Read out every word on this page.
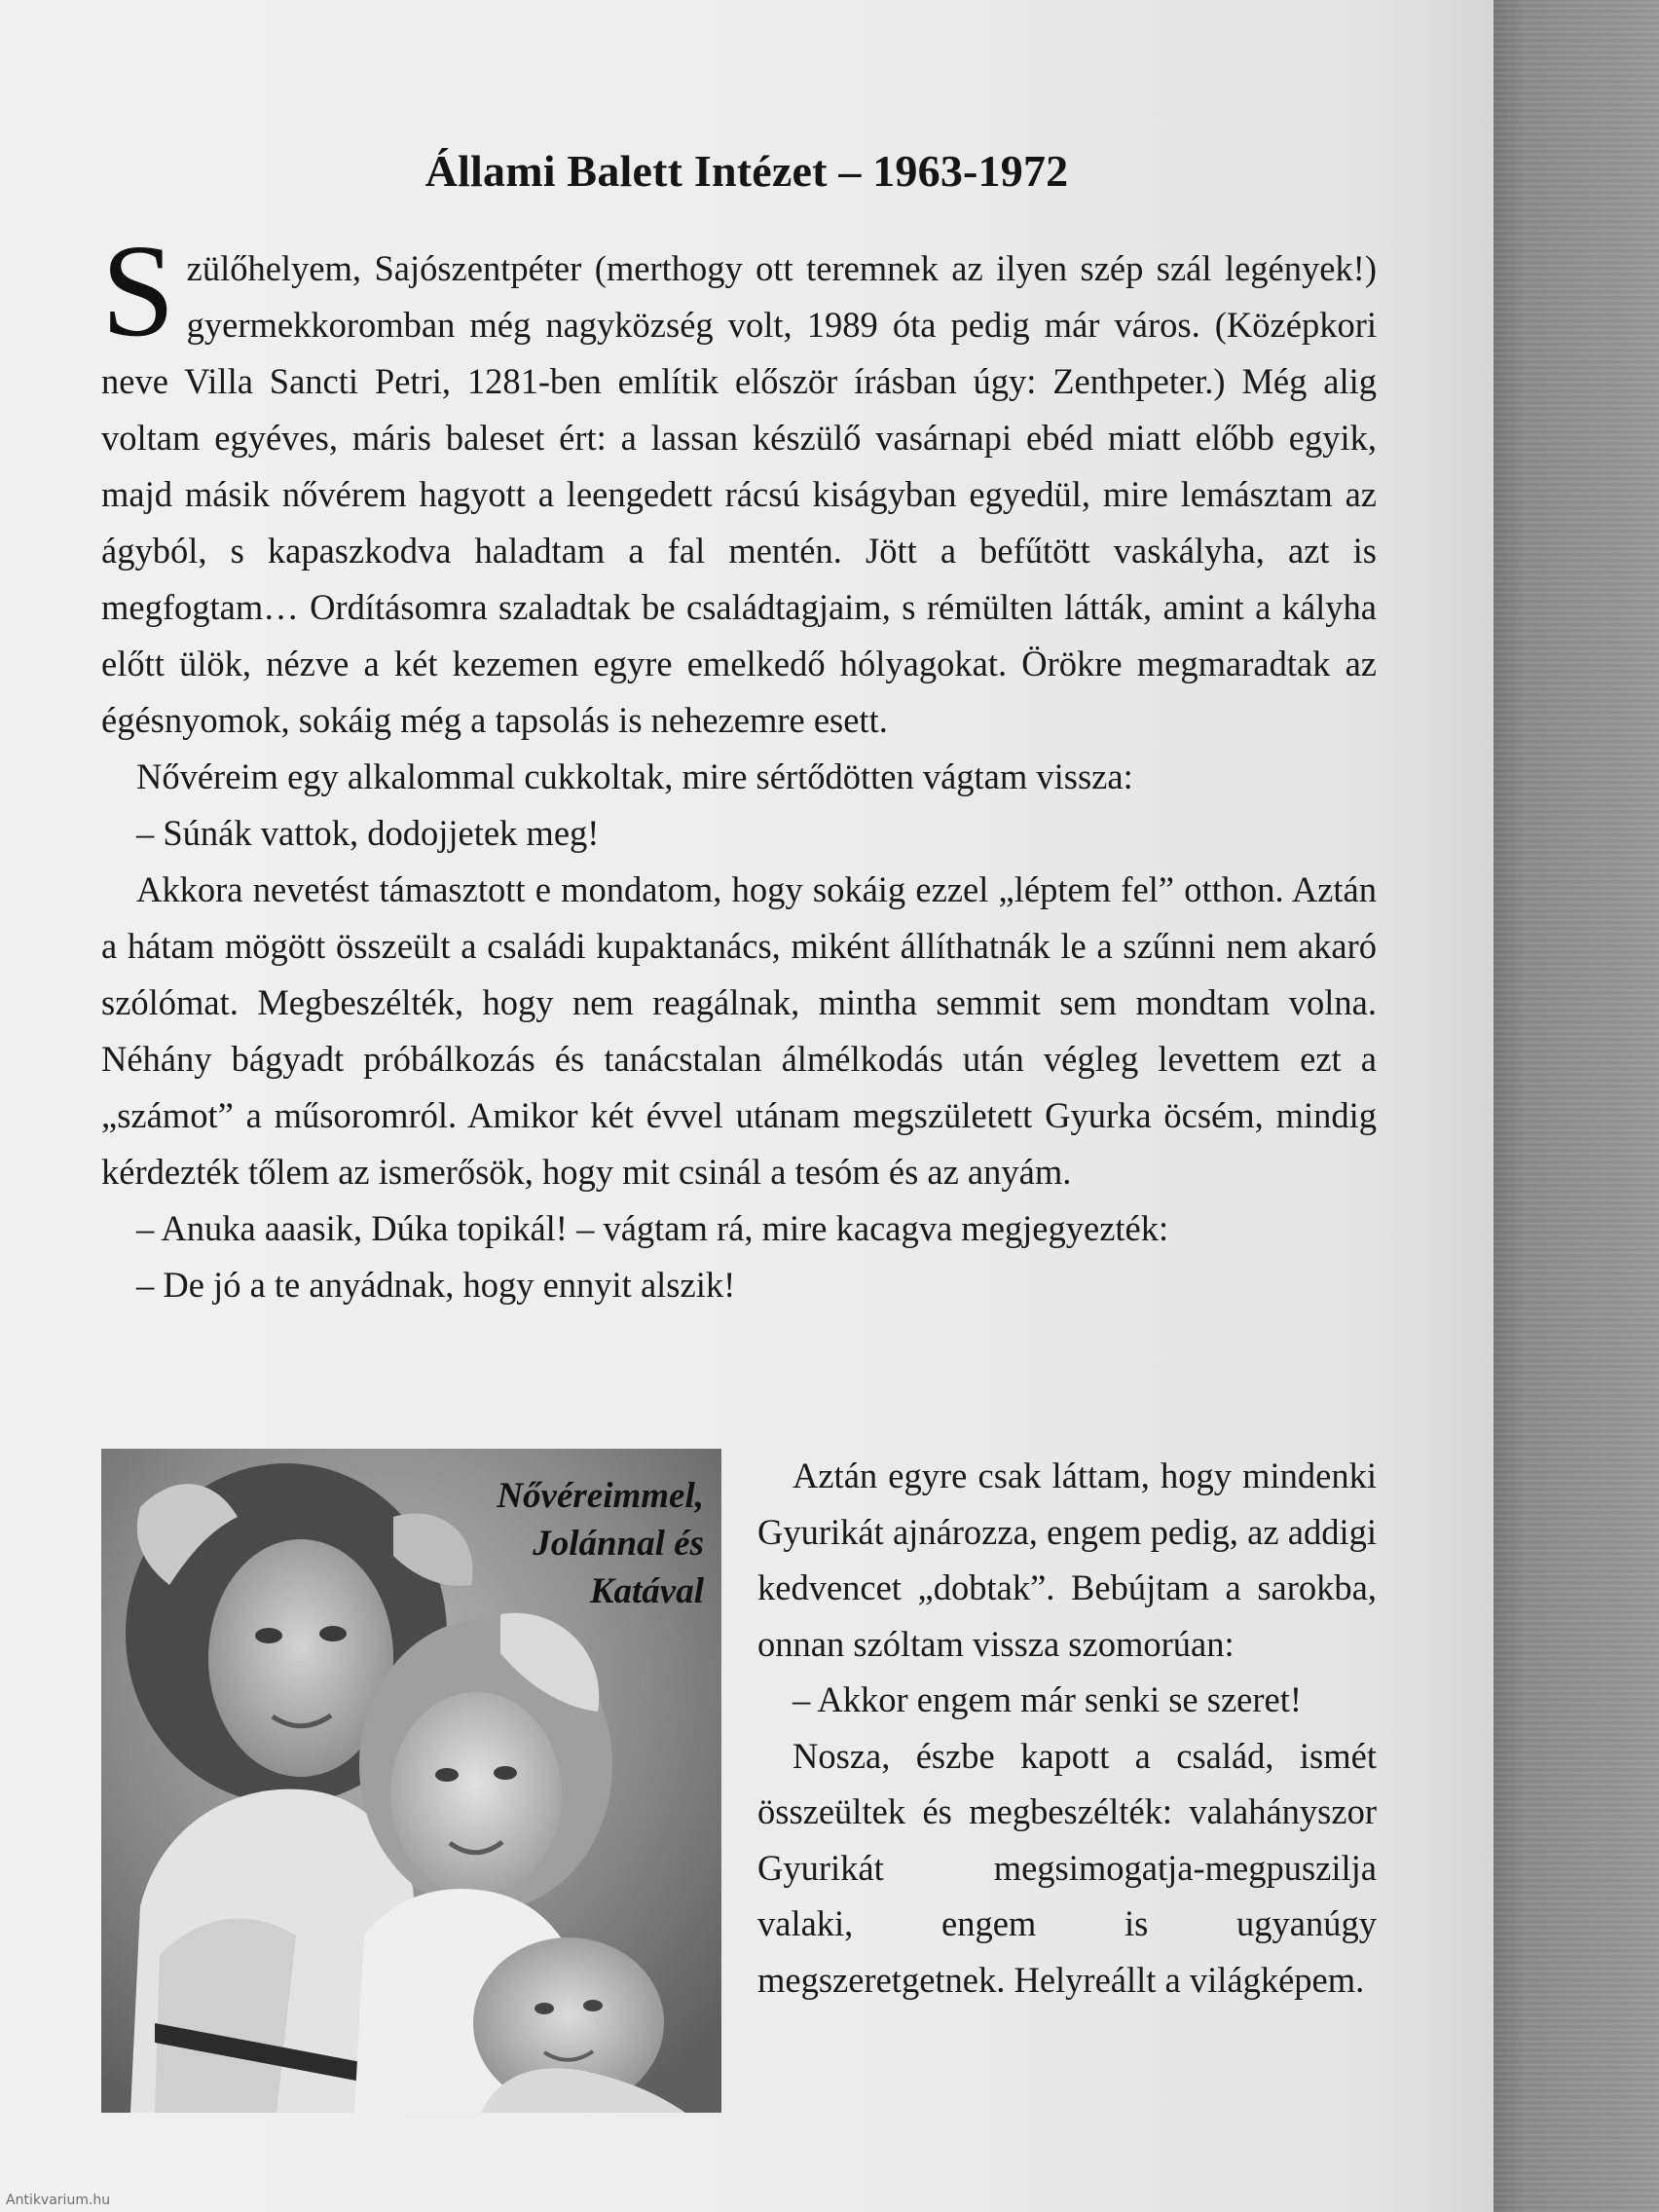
Állami Balett Intézet – 1963-1972

Szülőhelyem, Sajószentpéter (merthogy ott teremnek az ilyen szép szál legények!) gyermekkoromban még nagyközség volt, 1989 óta pedig már város. (Középkori neve Villa Sancti Petri, 1281-ben említik először írásban úgy: Zenthpeter.) Még alig voltam egyéves, máris baleset ért: a lassan készülő vasárnapi ebéd miatt előbb egyik, majd másik nővérem hagyott a leengedett rácsú kiságyban egyedül, mire lemásztam az ágyból, s kapaszkodva haladtam a fal mentén. Jött a befűtött vaskályha, azt is megfogtam… Ordításomra szaladtak be családtagjaim, s rémülten látták, amint a kályha előtt ülök, nézve a két kezemen egyre emelkedő hólyagokat. Örökre megmaradtak az égésnyomok, sokáig még a tapsolás is nehezemre esett.

Nővéreim egy alkalommal cukkoltak, mire sértődötten vágtam vissza:

– Súnák vattok, dodojjetek meg!

Akkora nevetést támasztott e mondatom, hogy sokáig ezzel „léptem fel” otthon. Aztán a hátam mögött összeült a családi kupaktanács, miként állíthatnák le a szűnni nem akaró szólómat. Megbeszélték, hogy nem reagálnak, mintha semmit sem mondtam volna. Néhány bágyadt próbálkozás és tanácstalan álmélkodás után végleg levettem ezt a „számot” a műsoromról. Amikor két évvel utánam megszületett Gyurka öcsém, mindig kérdezték tőlem az ismerősök, hogy mit csinál a tesóm és az anyám.

– Anuka aaasik, Dúka topikál! – vágtam rá, mire kacagva megjegyezték:

– De jó a te anyádnak, hogy ennyit alszik!

Nővéreimmel,
Jolánnal és
Katával

Aztán egyre csak láttam, hogy mindenki Gyurikát ajnározza, engem pedig, az addigi kedvencet „dobtak”. Bebújtam a sarokba, onnan szóltam vissza szomorúan:

– Akkor engem már senki se szeret!

Nosza, észbe kapott a család, ismét összeültek és megbeszélték: valahányszor Gyurikát megsimogatja-megpuszilja valaki, engem is ugyanúgy megszeretgetnek. Helyreállt a világképem.

Antikvarium.hu
